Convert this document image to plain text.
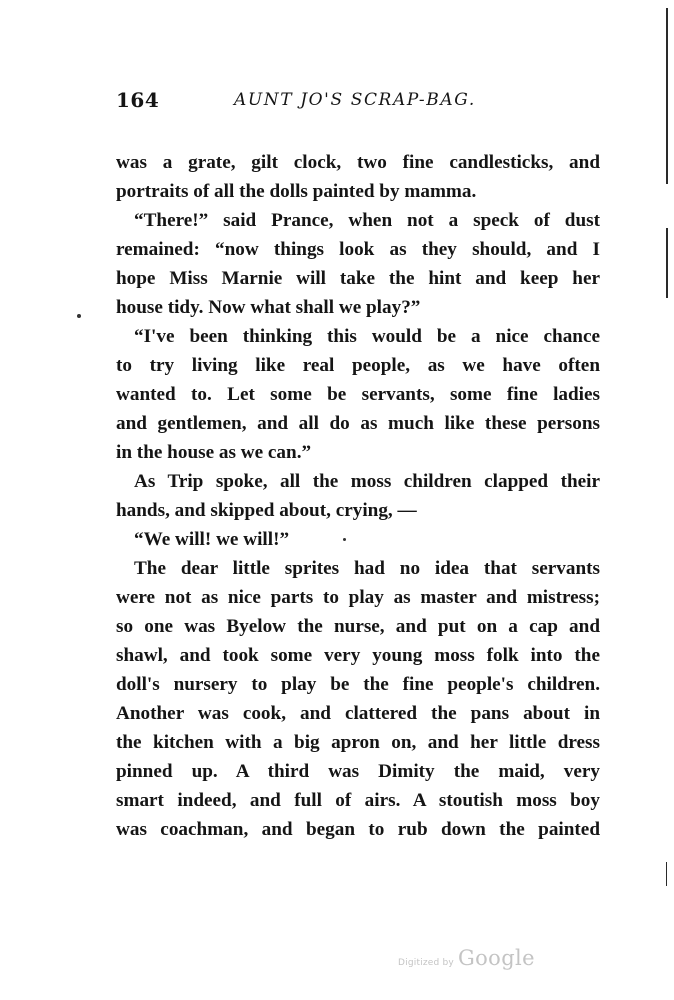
164	AUNT JO'S SCRAP-BAG.
was a grate, gilt clock, two fine candlesticks, and
portraits of all the dolls painted by mamma.
“There!” said Prance, when not a speck of dust
remained: “now things look as they should, and I
hope Miss Marnie will take the hint and keep her
house tidy. Now what shall we play?”
“I've been thinking this would be a nice chance
to try living like real people, as we have often
wanted to. Let some be servants, some fine ladies
and gentlemen, and all do as much like these persons
in the house as we can.”
As Trip spoke, all the moss children clapped their
hands, and skipped about, crying, —
“We will! we will!”
The dear little sprites had no idea that servants
were not as nice parts to play as master and mistress;
so one was Byelow the nurse, and put on a cap and
shawl, and took some very young moss folk into the
doll's nursery to play be the fine people's children.
Another was cook, and clattered the pans about in
the kitchen with a big apron on, and her little dress
pinned up. A third was Dimity the maid, very
smart indeed, and full of airs. A stoutish moss boy
was coachman, and began to rub down the painted
Digitized by Google
